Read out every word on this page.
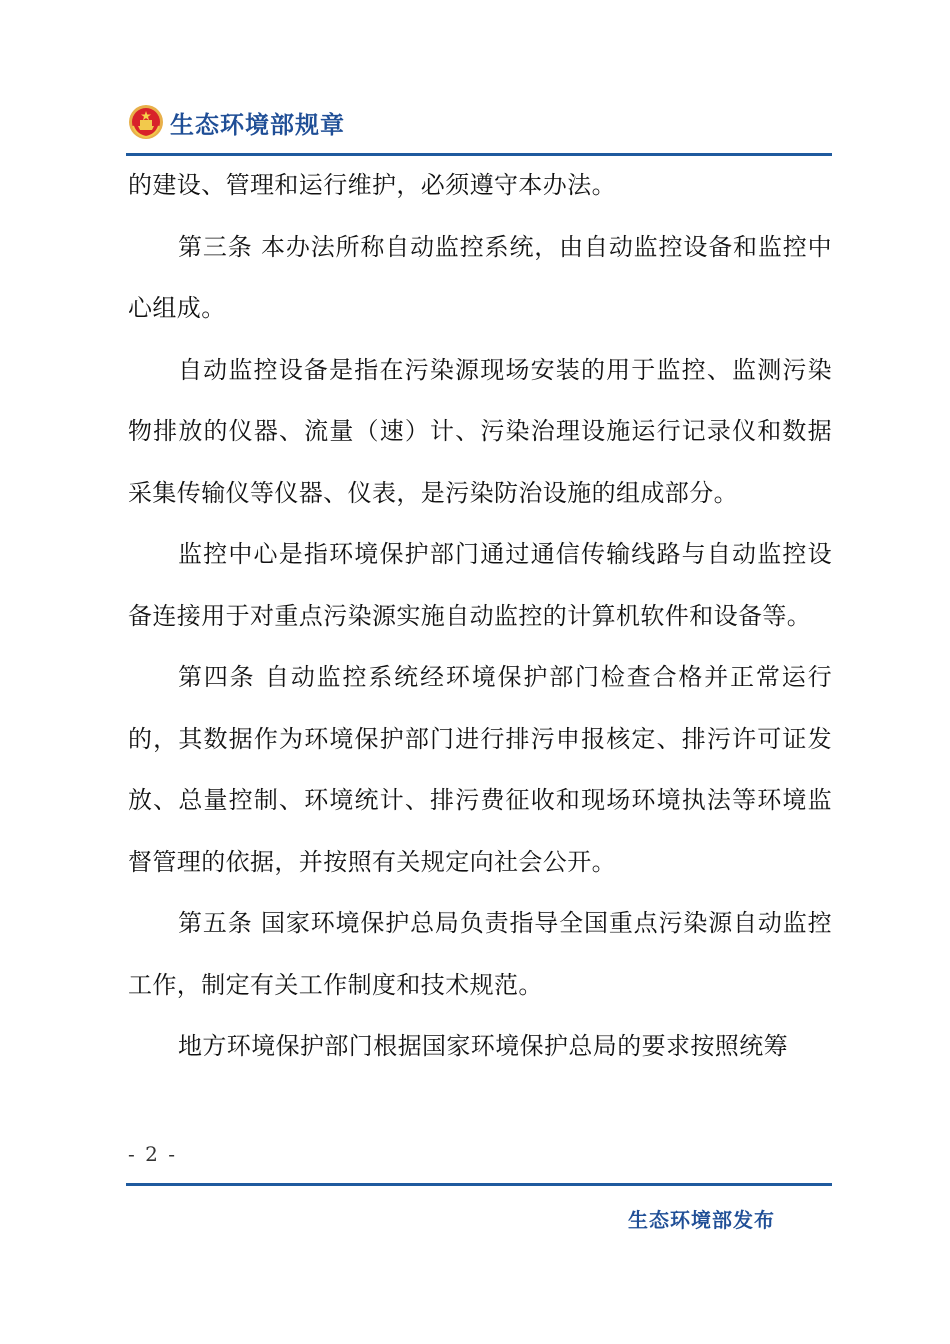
生态环境部规章

的建设、管理和运行维护，必须遵守本办法。

第三条 本办法所称自动监控系统，由自动监控设备和监控中心组成。

自动监控设备是指在污染源现场安装的用于监控、监测污染物排放的仪器、流量（速）计、污染治理设施运行记录仪和数据采集传输仪等仪器、仪表，是污染防治设施的组成部分。

监控中心是指环境保护部门通过通信传输线路与自动监控设备连接用于对重点污染源实施自动监控的计算机软件和设备等。

第四条 自动监控系统经环境保护部门检查合格并正常运行的，其数据作为环境保护部门进行排污申报核定、排污许可证发放、总量控制、环境统计、排污费征收和现场环境执法等环境监督管理的依据，并按照有关规定向社会公开。

第五条 国家环境保护总局负责指导全国重点污染源自动监控工作，制定有关工作制度和技术规范。

地方环境保护部门根据国家环境保护总局的要求按照统筹

- 2 -
生态环境部发布
